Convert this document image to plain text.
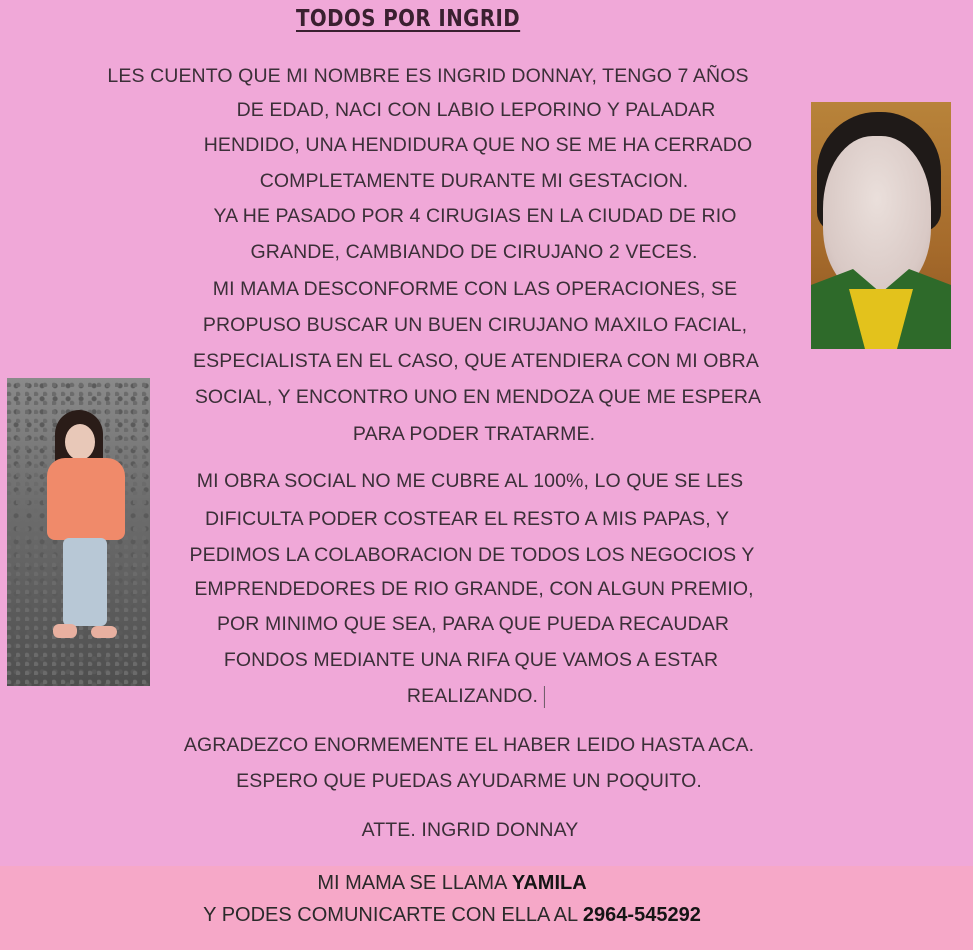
TODOS POR INGRID
LES CUENTO QUE MI NOMBRE ES INGRID DONNAY, TENGO 7 AÑOS
DE EDAD, NACI CON LABIO LEPORINO Y PALADAR
HENDIDO, UNA HENDIDURA QUE NO SE ME HA CERRADO
COMPLETAMENTE DURANTE MI GESTACION.
YA HE PASADO POR 4 CIRUGIAS EN LA CIUDAD DE RIO
GRANDE, CAMBIANDO DE CIRUJANO 2 VECES.
MI MAMA DESCONFORME CON LAS OPERACIONES, SE
PROPUSO BUSCAR UN BUEN CIRUJANO MAXILO FACIAL,
ESPECIALISTA EN EL CASO, QUE ATENDIERA CON MI OBRA
SOCIAL, Y ENCONTRO UNO EN MENDOZA QUE ME ESPERA
PARA PODER TRATARME.
MI OBRA SOCIAL NO ME CUBRE AL 100%, LO QUE SE LES
DIFICULTA PODER COSTEAR EL RESTO A MIS PAPAS, Y
PEDIMOS LA COLABORACION DE TODOS LOS NEGOCIOS Y
EMPRENDEDORES DE RIO GRANDE, CON ALGUN PREMIO,
POR MINIMO QUE SEA, PARA QUE PUEDA RECAUDAR
FONDOS MEDIANTE UNA RIFA QUE VAMOS A ESTAR
REALIZANDO.
AGRADEZCO ENORMEMENTE EL HABER LEIDO HASTA ACA.
ESPERO QUE PUEDAS AYUDARME UN POQUITO.
ATTE. INGRID DONNAY
MI MAMA SE LLAMA YAMILA
Y PODES COMUNICARTE CON ELLA AL 2964-545292
